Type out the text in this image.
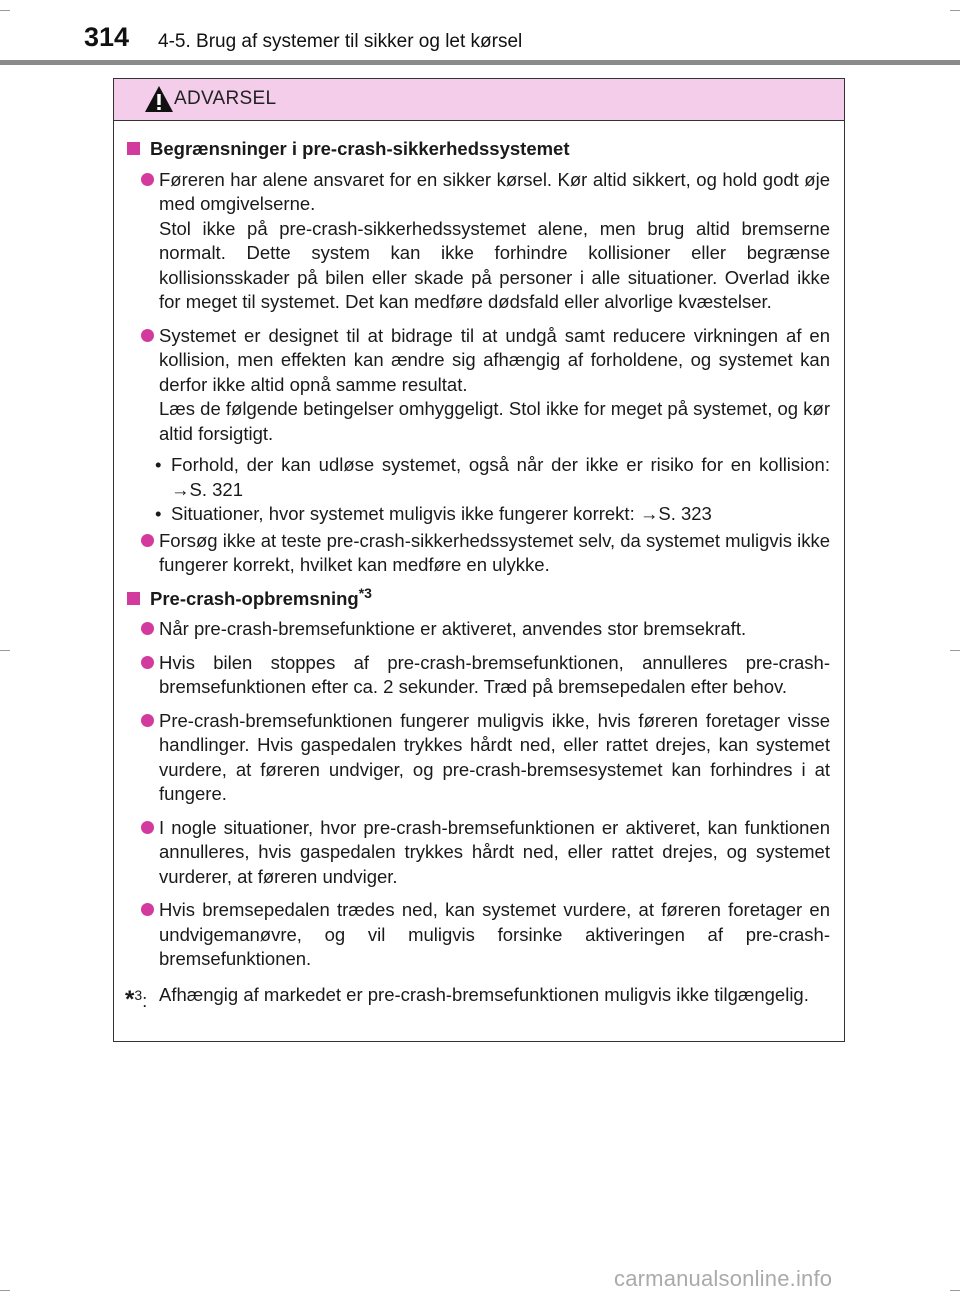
314 4-5. Brug af systemer til sikker og let kørsel
ADVARSEL
Begrænsninger i pre-crash-sikkerhedssystemet

Føreren har alene ansvaret for en sikker kørsel. Kør altid sikkert, og hold godt øje med omgivelserne.

Stol ikke på pre-crash-sikkerhedssystemet alene, men brug altid bremserne normalt. Dette system kan ikke forhindre kollisioner eller begrænse kollisionsskader på bilen eller skade på personer i alle situationer. Overlad ikke for meget til systemet. Det kan medføre dødsfald eller alvorlige kvæstelser.

Systemet er designet til at bidrage til at undgå samt reducere virkningen af en kollision, men effekten kan ændre sig afhængig af forholdene, og systemet kan derfor ikke altid opnå samme resultat.

Læs de følgende betingelser omhyggeligt. Stol ikke for meget på systemet, og kør altid forsigtigt.

• Forhold, der kan udløse systemet, også når der ikke er risiko for en kollision: →S. 321
• Situationer, hvor systemet muligvis ikke fungerer korrekt: →S. 323

Forsøg ikke at teste pre-crash-sikkerhedssystemet selv, da systemet muligvis ikke fungerer korrekt, hvilket kan medføre en ulykke.

Pre-crash-opbremsning$^{*3}$

Når pre-crash-bremsefunktione er aktiveret, anvendes stor bremsekraft.

Hvis bilen stoppes af pre-crash-bremsefunktionen, annulleres pre-crash-bremsefunktionen efter ca. 2 sekunder. Træd på bremsepedalen efter behov.

Pre-crash-bremsefunktionen fungerer muligvis ikke, hvis føreren foretager visse handlinger. Hvis gaspedalen trykkes hårdt ned, eller rattet drejes, kan systemet vurdere, at føreren undviger, og pre-crash-bremsesystemet kan forhindres i at fungere.

I nogle situationer, hvor pre-crash-bremsefunktionen er aktiveret, kan funktionen annulleres, hvis gaspedalen trykkes hårdt ned, eller rattet drejes, og systemet vurderer, at føreren undviger.

Hvis bremsepedalen trædes ned, kan systemet vurdere, at føreren foretager en undvigemanøvre, og vil muligvis forsinke aktiveringen af pre-crash-bremsefunktionen.

*$^3$: Afhængig af markedet er pre-crash-bremsefunktionen muligvis ikke tilgængelig.
carmanualsonline.info
